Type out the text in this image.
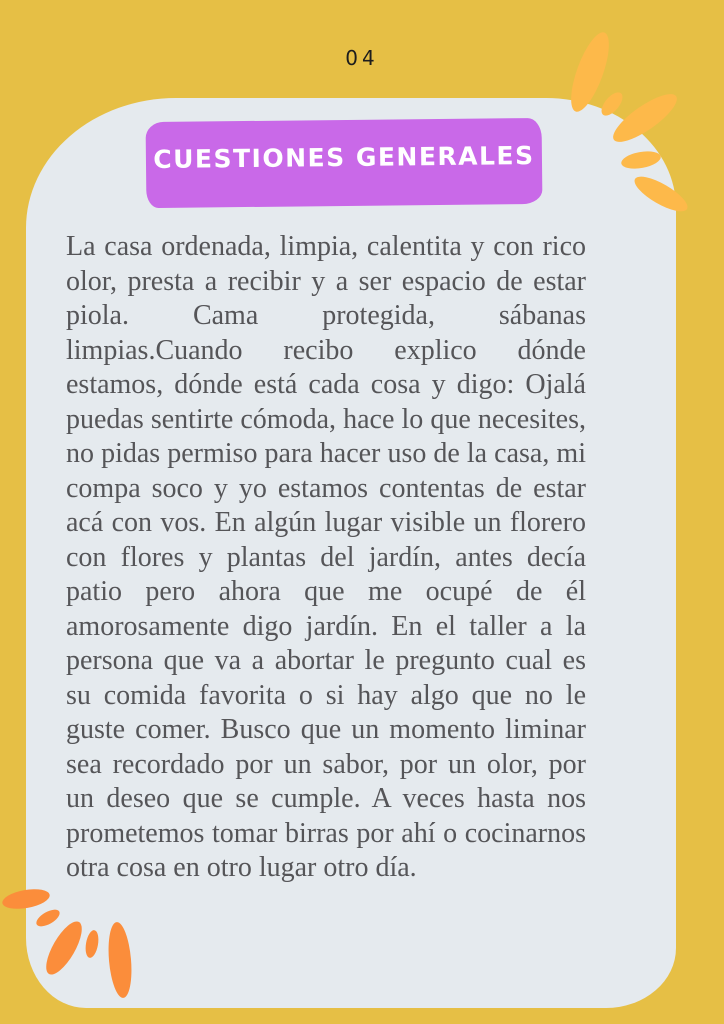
04
CUESTIONES GENERALES

La casa ordenada, limpia, calentita y con rico olor, presta a recibir y a ser espacio de estar piola. Cama protegida, sábanas limpias.Cuando recibo explico dónde estamos, dónde está cada cosa y digo: Ojalá puedas sentirte cómoda, hace lo que necesites, no pidas permiso para hacer uso de la casa, mi compa soco y yo estamos contentas de estar acá con vos. En algún lugar visible un florero con flores y plantas del jardín, antes decía patio pero ahora que me ocupé de él amorosamente digo jardín. En el taller a la persona que va a abortar le pregunto cual es su comida favorita o si hay algo que no le guste comer. Busco que un momento liminar sea recordado por un sabor, por un olor, por un deseo que se cumple. A veces hasta nos prometemos tomar birras por ahí o cocinarnos otra cosa en otro lugar otro día.
